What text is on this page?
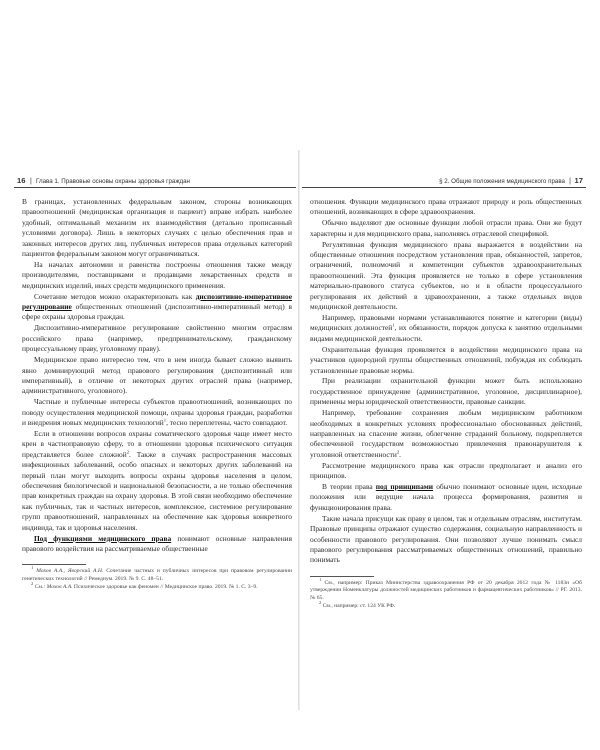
16 | Глава 1. Правовые основы охраны здоровья граждан

В границах, установленных федеральным законом, стороны возникающих правоотношений (медицинская организация и пациент) вправе избрать наиболее удобный, оптимальный механизм их взаимодействия (детально прописанный условиями договора). Лишь в некоторых случаях с целью обеспечения прав и законных интересов других лиц, публичных интересов права отдельных категорий пациентов федеральным законом могут ограничиваться.

На началах автономии и равенства построены отношения также между производителями, поставщиками и продавцами лекарственных средств и медицинских изделий, иных средств медицинского применения.

Сочетание методов можно охарактеризовать как диспозитивно-императивное регулирование общественных отношений (диспозитивно-императивный метод) в сфере охраны здоровья граждан.

Диспозитивно-императивное регулирование свойственно многим отраслям российского права (например, предпринимательскому, гражданскому процессуальному праву, уголовному праву).

Медицинское право интересно тем, что в нем иногда бывает сложно выявить явно доминирующий метод правового регулирования (диспозитивный или императивный), в отличие от некоторых других отраслей права (например, административного, уголовного).

Частные и публичные интересы субъектов правоотношений, возникающих по поводу осуществления медицинской помощи, охраны здоровья граждан, разработки и внедрения новых медицинских технологий$^1$, тесно переплетены, часто совпадают.

Если в отношении вопросов охраны соматического здоровья чаще имеет место крен в частноправовую сферу, то в отношении здоровья психического ситуация представляется более сложной$^2$. Также в случаях распространения массовых инфекционных заболеваний, особо опасных и некоторых других заболеваний на первый план могут выходить вопросы охраны здоровья населения в целом, обеспечения биологической и национальной безопасности, а не только обеспечения прав конкретных граждан на охрану здоровья. В этой связи необходимо обеспечение как публичных, так и частных интересов, комплексное, системное регулирование групп правоотношений, направленных на обеспечение как здоровья конкретного индивида, так и здоровья населения.

Под функциями медицинского права понимают основные направления правового воздействия на рассматриваемые общественные

$^1$ Мохов А.А., Яворский А.Н. Сочетание частных и публичных интересов при правовом регулировании генетических технологий // Ремедиум. 2019. № 9. С. 48–51.

$^2$ См.: Мохов А.А. Психическое здоровье как феномен // Медицинское право. 2019. № 1. С. 3–9.

§ 2. Общие положения медицинского права | 17

отношения. Функции медицинского права отражают природу и роль общественных отношений, возникающих в сфере здравоохранения.

Обычно выделяют две основные функции любой отрасли права. Они же будут характерны и для медицинского права, наполняясь отраслевой спецификой.

Регулятивная функция медицинского права выражается в воздействии на общественные отношения посредством установления прав, обязанностей, запретов, ограничений, полномочий и компетенции субъектов здравоохранительных правоотношений. Эта функция проявляется не только в сфере установления материально-правового статуса субъектов, но и в области процессуального регулирования их действий в здравоохранении, а также отдельных видов медицинской деятельности.

Например, правовыми нормами устанавливаются понятие и категории (виды) медицинских должностей$^1$, их обязанности, порядок допуска к занятию отдельными видами медицинской деятельности.

Охранительная функция проявляется в воздействии медицинского права на участников однородной группы общественных отношений, побуждая их соблюдать установленные правовые нормы.

При реализации охранительной функции может быть использовано государственное принуждение (административное, уголовное, дисциплинарное), применены меры юридической ответственности, правовые санкции.

Например, требование сохранения любым медицинским работником необходимых в конкретных условиях профессионально обоснованных действий, направленных на спасение жизни, облегчение страданий больному, подкрепляется обеспеченной государством возможностью привлечения правонарушителя к уголовной ответственности$^2$.

Рассмотрение медицинского права как отрасли предполагает и анализ его принципов.

В теории права под принципами обычно понимают основные идеи, исходные положения или ведущие начала процесса формирования, развития и функционирования права.

Такие начала присущи как праву в целом, так и отдельным отраслям, институтам. Правовые принципы отражают существо содержания, социальную направленность и особенности правового регулирования. Они позволяют лучше понимать смысл правового регулирования рассматриваемых общественных отношений, правильно понимать

$^1$ См., например: Приказ Министерства здравоохранения РФ от 20 декабря 2012 года № 1183н «Об утверждении Номенклатуры должностей медицинских работников и фармацевтических работников» // РГ. 2013. № 65.

$^2$ См., например: ст. 124 УК РФ.
